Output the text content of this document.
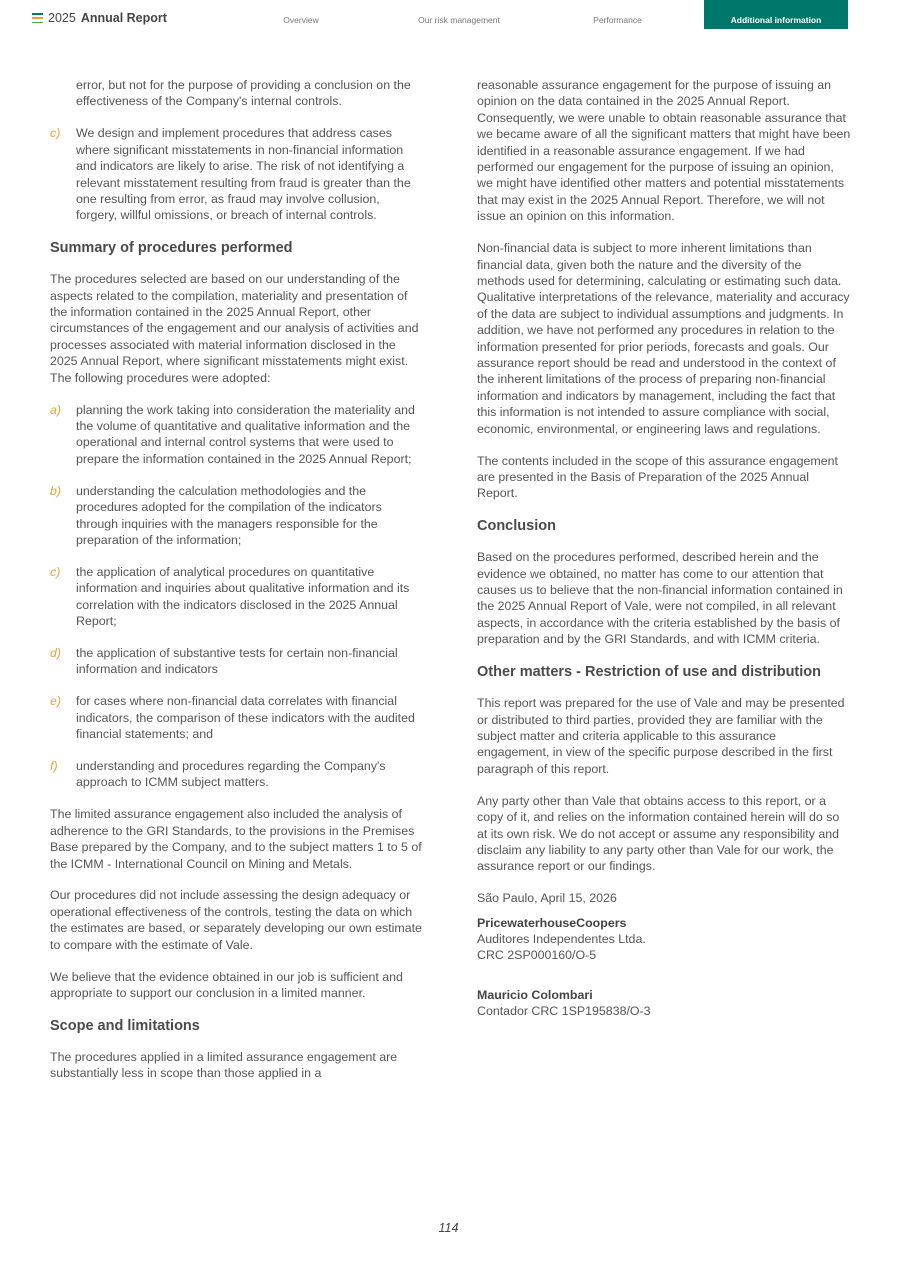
2025 Annual Report	Overview	Our risk management	Performance	Additional information
error, but not for the purpose of providing a conclusion on the effectiveness of the Company's internal controls.
c)	We design and implement procedures that address cases where significant misstatements in non-financial information and indicators are likely to arise. The risk of not identifying a relevant misstatement resulting from fraud is greater than the one resulting from error, as fraud may involve collusion, forgery, willful omissions, or breach of internal controls.
Summary of procedures performed

The procedures selected are based on our understanding of the aspects related to the compilation, materiality and presentation of the information contained in the 2025 Annual Report, other circumstances of the engagement and our analysis of activities and processes associated with material information disclosed in the 2025 Annual Report, where significant misstatements might exist. The following procedures were adopted:

a)	planning the work taking into consideration the materiality and the volume of quantitative and qualitative information and the operational and internal control systems that were used to prepare the information contained in the 2025 Annual Report;
b)	understanding the calculation methodologies and the procedures adopted for the compilation of the indicators through inquiries with the managers responsible for the preparation of the information;
c)	the application of analytical procedures on quantitative information and inquiries about qualitative information and its correlation with the indicators disclosed in the 2025 Annual Report;
d)	the application of substantive tests for certain non-financial information and indicators
e)	for cases where non-financial data correlates with financial indicators, the comparison of these indicators with the audited financial statements; and
f)	understanding and procedures regarding the Company's approach to ICMM subject matters.

The limited assurance engagement also included the analysis of adherence to the GRI Standards, to the provisions in the Premises Base prepared by the Company, and to the subject matters 1 to 5 of the ICMM - International Council on Mining and Metals.

Our procedures did not include assessing the design adequacy or operational effectiveness of the controls, testing the data on which the estimates are based, or separately developing our own estimate to compare with the estimate of Vale.

We believe that the evidence obtained in our job is sufficient and appropriate to support our conclusion in a limited manner.

Scope and limitations

The procedures applied in a limited assurance engagement are substantially less in scope than those applied in a

reasonable assurance engagement for the purpose of issuing an opinion on the data contained in the 2025 Annual Report. Consequently, we were unable to obtain reasonable assurance that we became aware of all the significant matters that might have been identified in a reasonable assurance engagement. If we had performed our engagement for the purpose of issuing an opinion, we might have identified other matters and potential misstatements that may exist in the 2025 Annual Report. Therefore, we will not issue an opinion on this information.

Non-financial data is subject to more inherent limitations than financial data, given both the nature and the diversity of the methods used for determining, calculating or estimating such data. Qualitative interpretations of the relevance, materiality and accuracy of the data are subject to individual assumptions and judgments. In addition, we have not performed any procedures in relation to the information presented for prior periods, forecasts and goals. Our assurance report should be read and understood in the context of the inherent limitations of the process of preparing non-financial information and indicators by management, including the fact that this information is not intended to assure compliance with social, economic, environmental, or engineering laws and regulations.

The contents included in the scope of this assurance engagement are presented in the Basis of Preparation of the 2025 Annual Report.

Conclusion

Based on the procedures performed, described herein and the evidence we obtained, no matter has come to our attention that causes us to believe that the non-financial information contained in the 2025 Annual Report of Vale, were not compiled, in all relevant aspects, in accordance with the criteria established by the basis of preparation and by the GRI Standards, and with ICMM criteria.

Other matters - Restriction of use and distribution

This report was prepared for the use of Vale and may be presented or distributed to third parties, provided they are familiar with the subject matter and criteria applicable to this assurance engagement, in view of the specific purpose described in the first paragraph of this report.

Any party other than Vale that obtains access to this report, or a copy of it, and relies on the information contained herein will do so at its own risk. We do not accept or assume any responsibility and disclaim any liability to any party other than Vale for our work, the assurance report or our findings.

São Paulo, April 15, 2026

PricewaterhouseCoopers
Auditores Independentes Ltda.
CRC 2SP000160/O-5
Mauricio Colombari
Contador CRC 1SP195838/O-3
114
